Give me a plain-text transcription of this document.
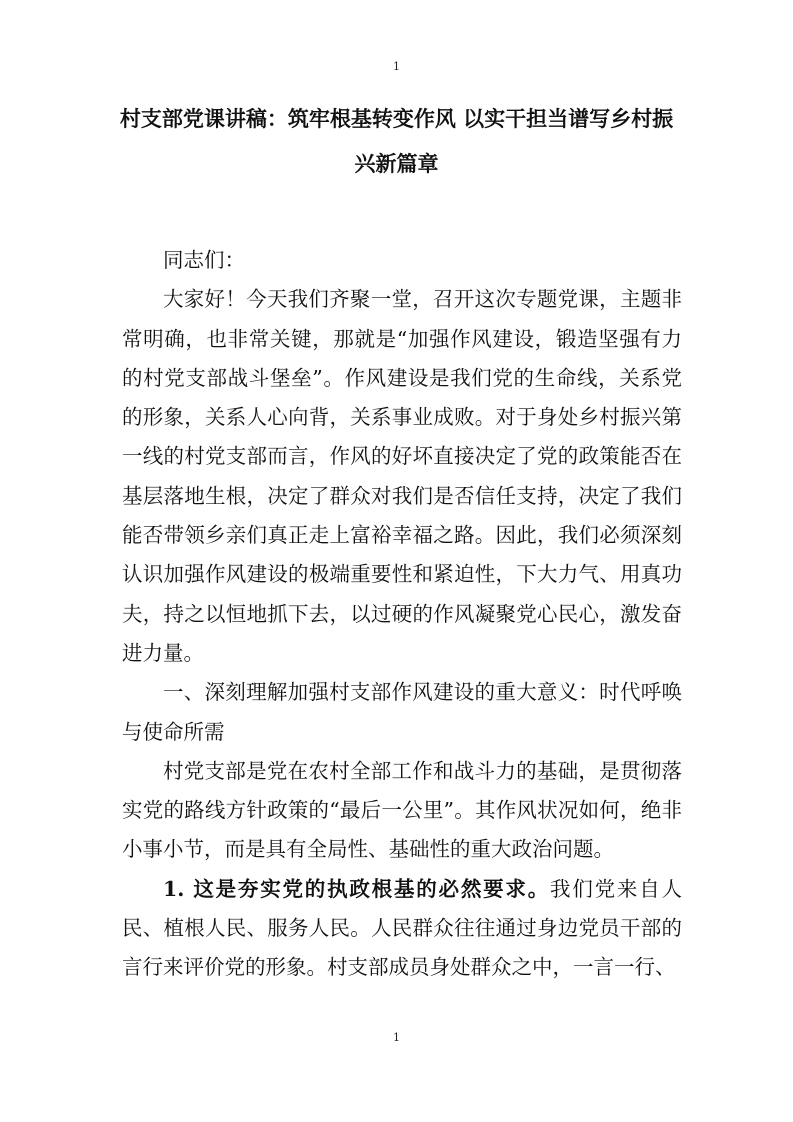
1
村支部党课讲稿：筑牢根基转变作风 以实干担当谱写乡村振兴新篇章

同志们：

大家好！今天我们齐聚一堂，召开这次专题党课，主题非常明确，也非常关键，那就是“加强作风建设，锻造坚强有力的村党支部战斗堡垒”。作风建设是我们党的生命线，关系党的形象，关系人心向背，关系事业成败。对于身处乡村振兴第一线的村党支部而言，作风的好坏直接决定了党的政策能否在基层落地生根，决定了群众对我们是否信任支持，决定了我们能否带领乡亲们真正走上富裕幸福之路。因此，我们必须深刻认识加强作风建设的极端重要性和紧迫性，下大力气、用真功夫，持之以恒地抓下去，以过硬的作风凝聚党心民心，激发奋进力量。

一、深刻理解加强村支部作风建设的重大意义：时代呼唤与使命所需

村党支部是党在农村全部工作和战斗力的基础，是贯彻落实党的路线方针政策的“最后一公里”。其作风状况如何，绝非小事小节，而是具有全局性、基础性的重大政治问题。

1. 这是夯实党的执政根基的必然要求。我们党来自人民、植根人民、服务人民。人民群众往往通过身边党员干部的言行来评价党的形象。村支部成员身处群众之中，一言一行、

1
